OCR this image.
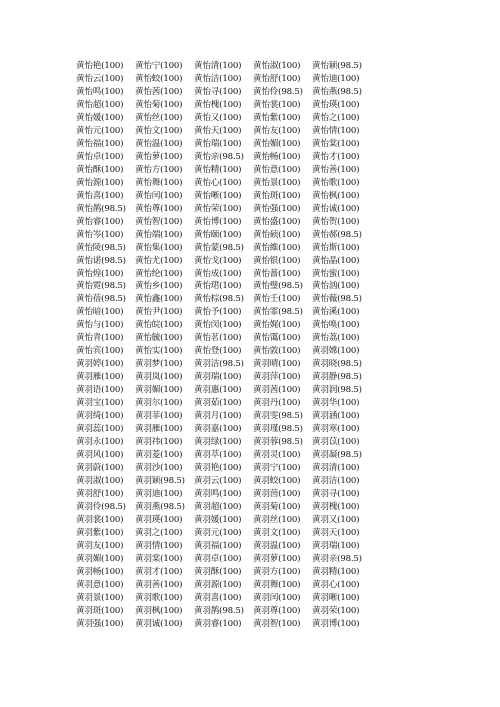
黄怡艳(100)	黄怡宁(100)	黄怡清(100)	黄怡淑(100)	黄怡颖(98.5)
黄怡云(100)	黄怡蛟(100)	黄怡洁(100)	黄怡舒(100)	黄怡迪(100)
黄怡鸣(100)	黄怡茜(100)	黄怡寻(100)	黄怡伶(98.5)	黄怡燕(98.5)
黄怡超(100)	黄怡菊(100)	黄怡槐(100)	黄怡裳(100)	黄怡瑛(100)
黄怡媛(100)	黄怡丝(100)	黄怡又(100)	黄怡紫(100)	黄怡之(100)
黄怡元(100)	黄怡文(100)	黄怡天(100)	黄怡友(100)	黄怡情(100)
黄怡福(100)	黄怡温(100)	黄怡瑞(100)	黄怡媚(100)	黄怡棠(100)
黄怡卓(100)	黄怡萝(100)	黄怡亲(98.5)	黄怡畅(100)	黄怡才(100)
黄怡酥(100)	黄怡方(100)	黄怡精(100)	黄怡意(100)	黄怡善(100)
黄怡源(100)	黄怡舞(100)	黄怡心(100)	黄怡景(100)	黄怡歌(100)
黄怡喜(100)	黄怡闰(100)	黄怡晰(100)	黄怡斑(100)	黄怡枫(100)
黄怡鹊(98.5)	黄怡尊(100)	黄怡荣(100)	黄怡强(100)	黄怡诚(100)
黄怡睿(100)	黄怡智(100)	黄怡博(100)	黄怡盛(100)	黄怡贺(100)
黄怡岑(100)	黄怡端(100)	黄怡颐(100)	黄怡硕(100)	黄怡郝(98.5)
黄怡陵(98.5)	黄怡集(100)	黄怡蒙(98.5)	黄怡維(100)	黄怡斯(100)
黄怡诺(98.5)	黄怡尤(100)	黄怡戈(100)	黄怡银(100)	黄怡晶(100)
黄怡煌(100)	黄怡纶(100)	黄怡成(100)	黄怡蔷(100)	黄怡蜜(100)
黄怡霓(98.5)	黄怡乡(100)	黄怡珺(100)	黄怡璧(98.5)	黄怡汹(100)
黄怡蓓(98.5)	黄怡鑫(100)	黄怡棕(98.5)	黄怡壬(100)	黄怡薇(98.5)
黄怡暗(100)	黄怡尹(100)	黄怡予(100)	黄怡霏(98.5)	黄怡溪(100)
黄怡与(100)	黄怡皖(100)	黄怡闵(100)	黄怡娓(100)	黄怡唤(100)
黄怡青(100)	黄怡毓(100)	黄怡茗(100)	黄怡霭(100)	黄怡荔(100)
黄怡宾(100)	黄怡实(100)	黄怡登(100)	黄怡敦(100)	黄羽嫦(100)
黄羽婷(100)	黄羽梦(100)	黄羽洁(98.5)	黄羽晴(100)	黄羽晓(98.5)
黄羽雁(100)	黄羽岚(100)	黄羽瑞(100)	黄羽萍(100)	黄羽静(98.5)
黄羽语(100)	黄羽媚(100)	黄羽惠(100)	黄羽茜(100)	黄羽润(98.5)
黄羽宝(100)	黄羽尔(100)	黄羽茹(100)	黄羽丹(100)	黄羽华(100)
黄羽绮(100)	黄羽菲(100)	黄羽月(100)	黄羽雯(98.5)	黄羽涵(100)
黄羽蕊(100)	黄羽雁(100)	黄羽嘉(100)	黄羽瑾(98.5)	黄羽寒(100)
黄羽永(100)	黄羽祎(100)	黄羽绿(100)	黄羽蓉(98.5)	黄羽苡(100)
黄羽风(100)	黄羽菱(100)	黄羽萃(100)	黄羽灵(100)	黄羽凝(98.5)
黄羽蔚(100)	黄羽沙(100)	黄羽艳(100)	黄羽宁(100)	黄羽清(100)
黄羽淑(100)	黄羽颖(98.5)	黄羽云(100)	黄羽蛟(100)	黄羽洁(100)
黄羽舒(100)	黄羽迪(100)	黄羽鸣(100)	黄羽茵(100)	黄羽寻(100)
黄羽伶(98.5)	黄羽燕(98.5)	黄羽超(100)	黄羽菊(100)	黄羽槐(100)
黄羽裳(100)	黄羽瑛(100)	黄羽媛(100)	黄羽丝(100)	黄羽又(100)
黄羽紫(100)	黄羽之(100)	黄羽元(100)	黄羽文(100)	黄羽天(100)
黄羽友(100)	黄羽情(100)	黄羽福(100)	黄羽温(100)	黄羽瑞(100)
黄羽媚(100)	黄羽棠(100)	黄羽卓(100)	黄羽萝(100)	黄羽亲(98.5)
黄羽畅(100)	黄羽才(100)	黄羽酥(100)	黄羽方(100)	黄羽精(100)
黄羽意(100)	黄羽善(100)	黄羽源(100)	黄羽舞(100)	黄羽心(100)
黄羽景(100)	黄羽歌(100)	黄羽喜(100)	黄羽闰(100)	黄羽晰(100)
黄羽斑(100)	黄羽枫(100)	黄羽鹊(98.5)	黄羽尊(100)	黄羽荣(100)
黄羽强(100)	黄羽诚(100)	黄羽睿(100)	黄羽智(100)	黄羽博(100)
